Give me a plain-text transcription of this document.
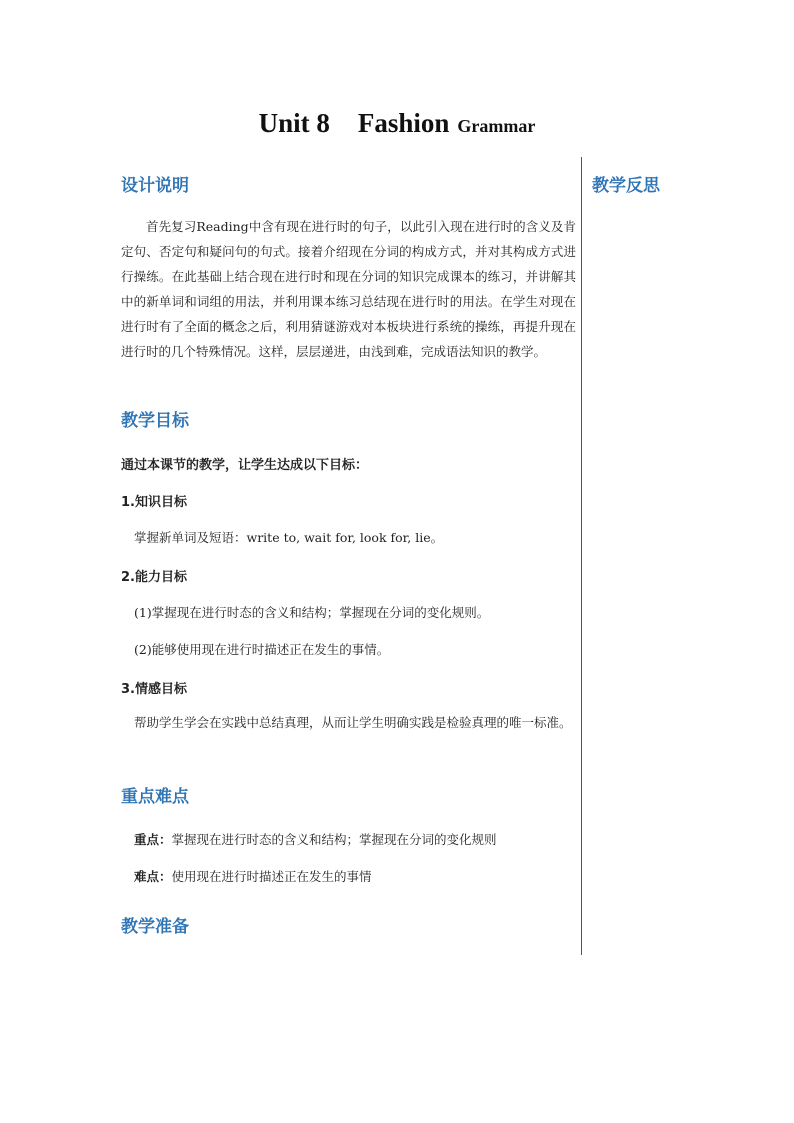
Unit 8 Fashion Grammar
设计说明	教学反思

首先复习Reading中含有现在进行时的句子，以此引入现在进行时的含义及肯定句、否定句和疑问句的句式。接着介绍现在分词的构成方式，并对其构成方式进行操练。在此基础上结合现在进行时和现在分词的知识完成课本的练习，并讲解其中的新单词和词组的用法，并利用课本练习总结现在进行时的用法。在学生对现在进行时有了全面的概念之后，利用猜谜游戏对本板块进行系统的操练，再提升现在进行时的几个特殊情况。这样，层层递进，由浅到难，完成语法知识的教学。

教学目标
通过本课节的教学，让学生达成以下目标：
1.知识目标
掌握新单词及短语：write to, wait for, look for, lie。
2.能力目标
(1)掌握现在进行时态的含义和结构；掌握现在分词的变化规则。
(2)能够使用现在进行时描述正在发生的事情。
3.情感目标

帮助学生学会在实践中总结真理，从而让学生明确实践是检验真理的唯一标准。

重点难点
重点：掌握现在进行时态的含义和结构；掌握现在分词的变化规则
难点：使用现在进行时描述正在发生的事情
教学准备
